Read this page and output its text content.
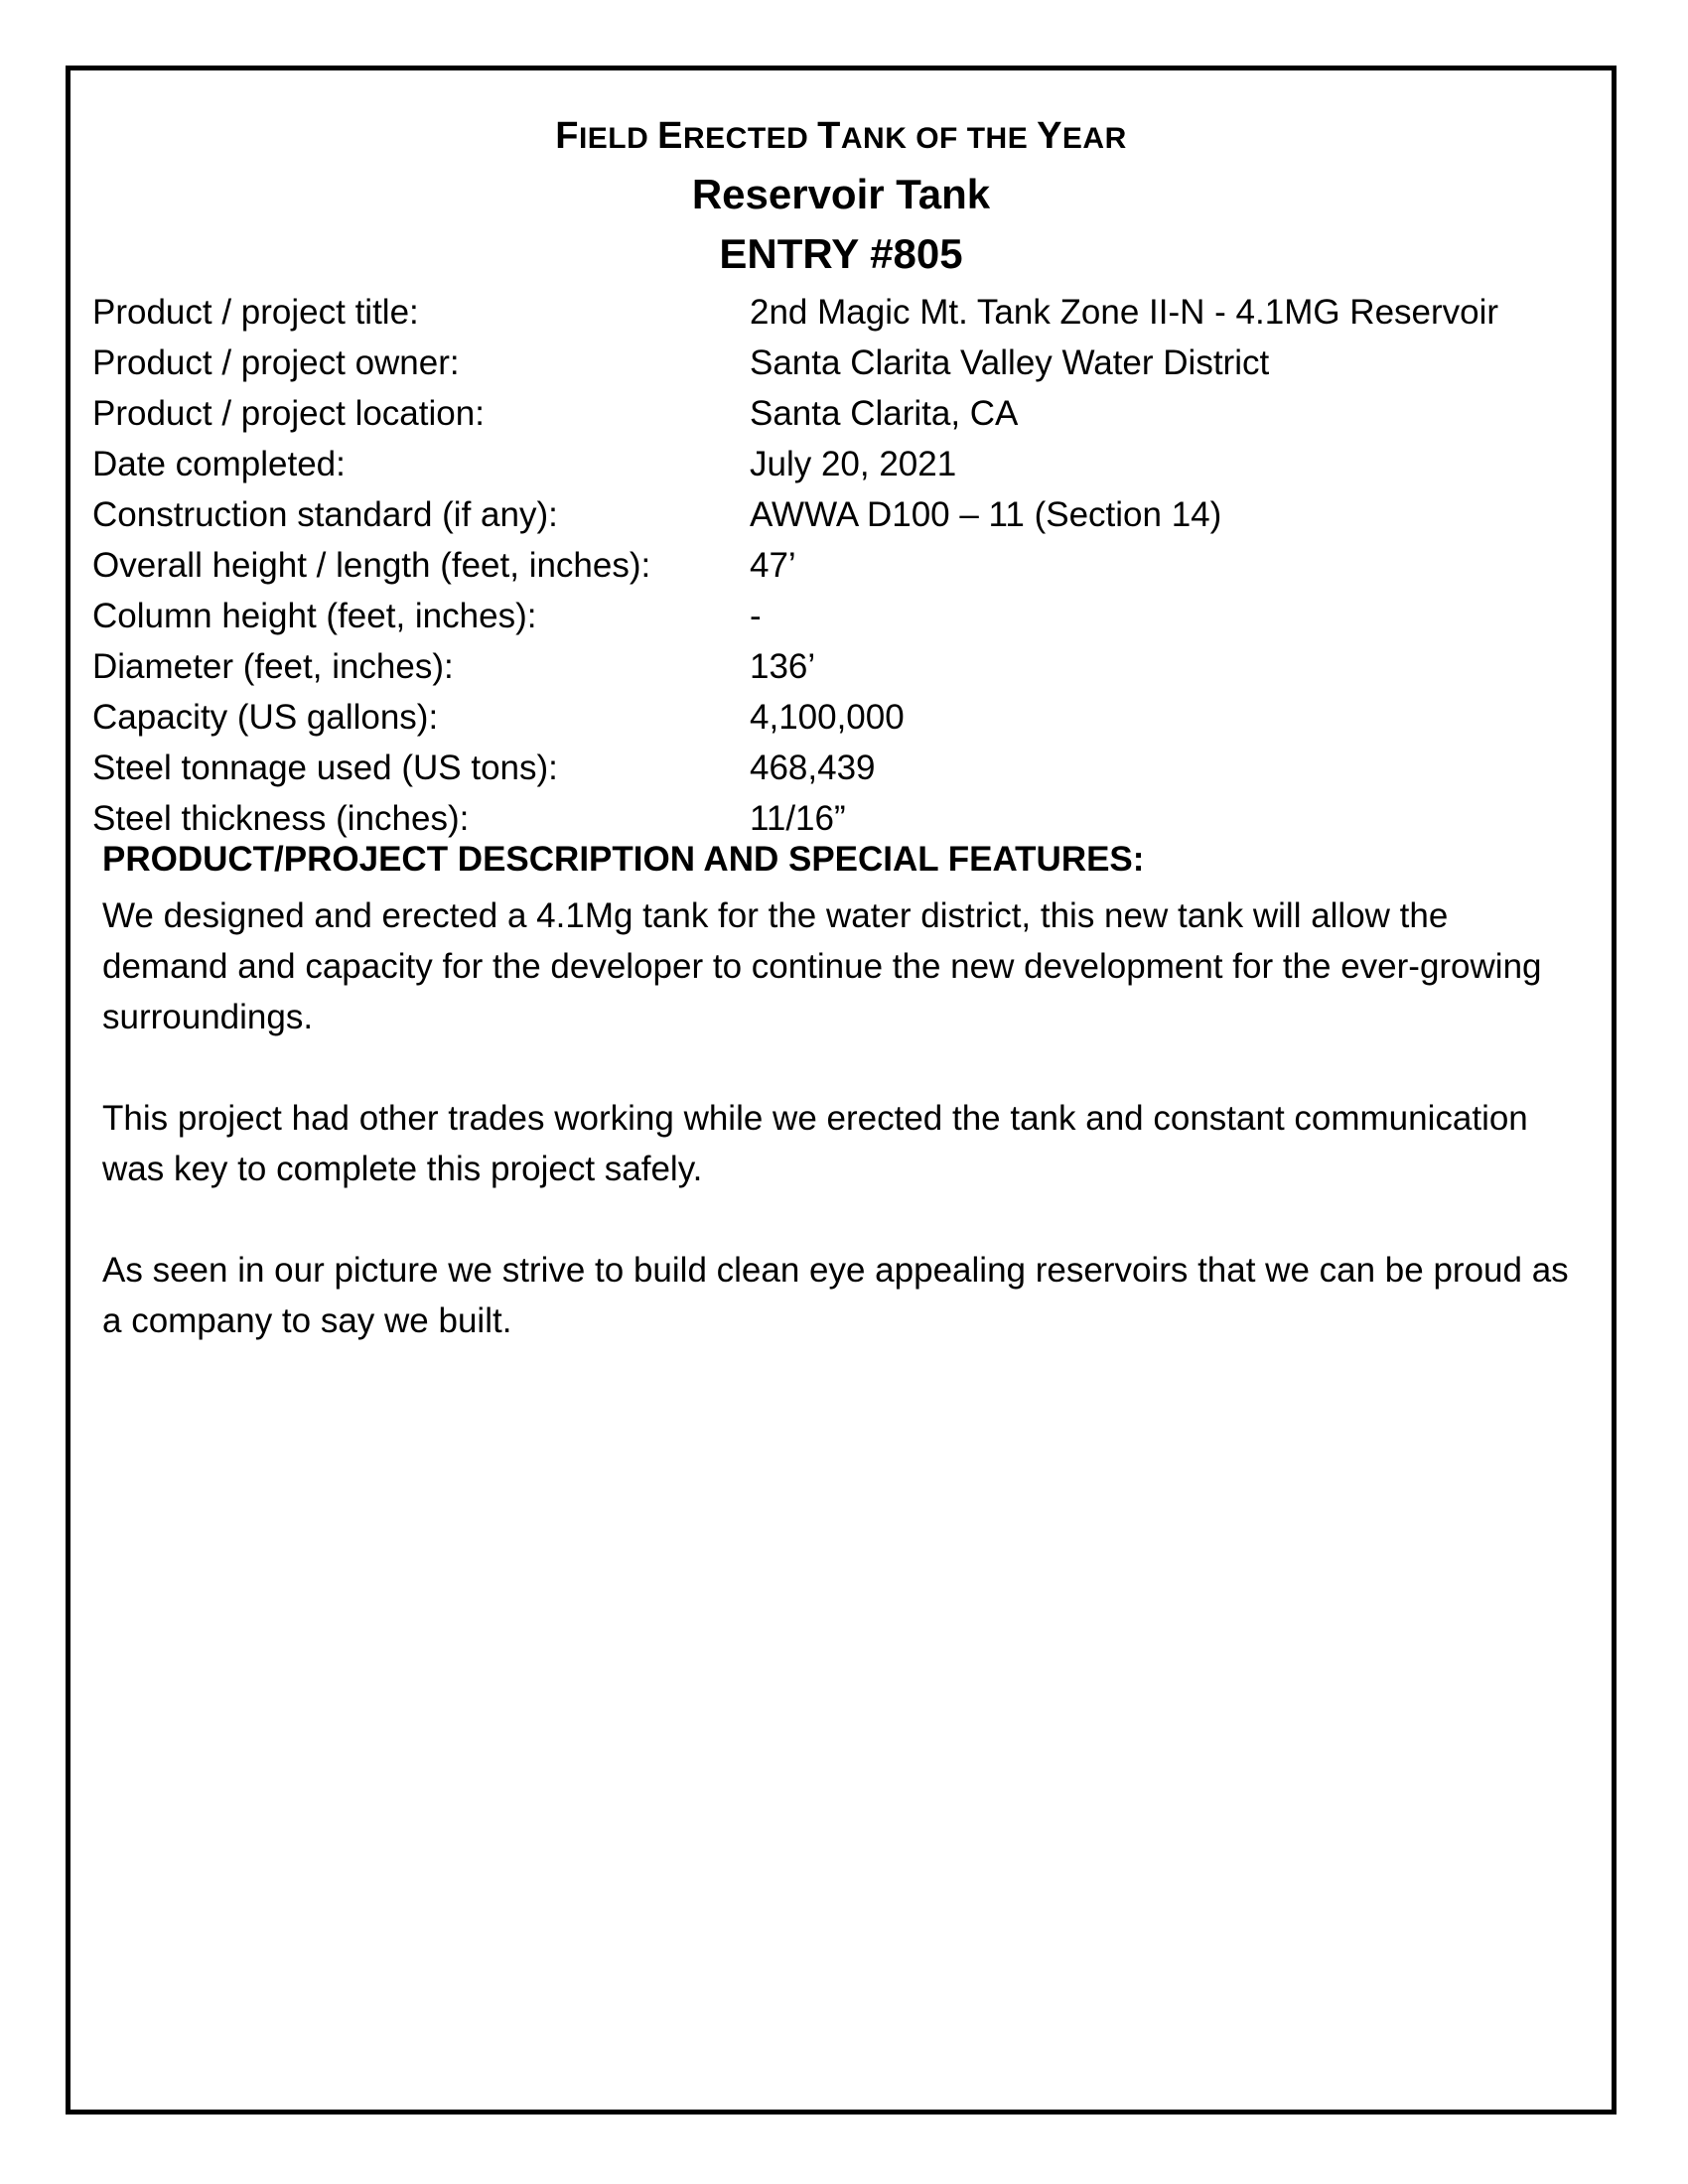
FIELD ERECTED TANK OF THE YEAR
Reservoir Tank
ENTRY #805
Product / project title:	2nd Magic Mt. Tank Zone II-N - 4.1MG Reservoir
Product / project owner:	Santa Clarita Valley Water District
Product / project location:	Santa Clarita, CA
Date completed:	July 20, 2021
Construction standard (if any):	AWWA D100 – 11 (Section 14)
Overall height / length (feet, inches):	47’
Column height (feet, inches):	-
Diameter (feet, inches):	136’
Capacity (US gallons):	4,100,000
Steel tonnage used (US tons):	468,439
Steel thickness (inches):	11/16”
PRODUCT/PROJECT DESCRIPTION AND SPECIAL FEATURES:

We designed and erected a 4.1Mg tank for the water district, this new tank will allow the demand and capacity for the developer to continue the new development for the ever-growing surroundings.

This project had other trades working while we erected the tank and constant communication was key to complete this project safely.

As seen in our picture we strive to build clean eye appealing reservoirs that we can be proud as a company to say we built.
